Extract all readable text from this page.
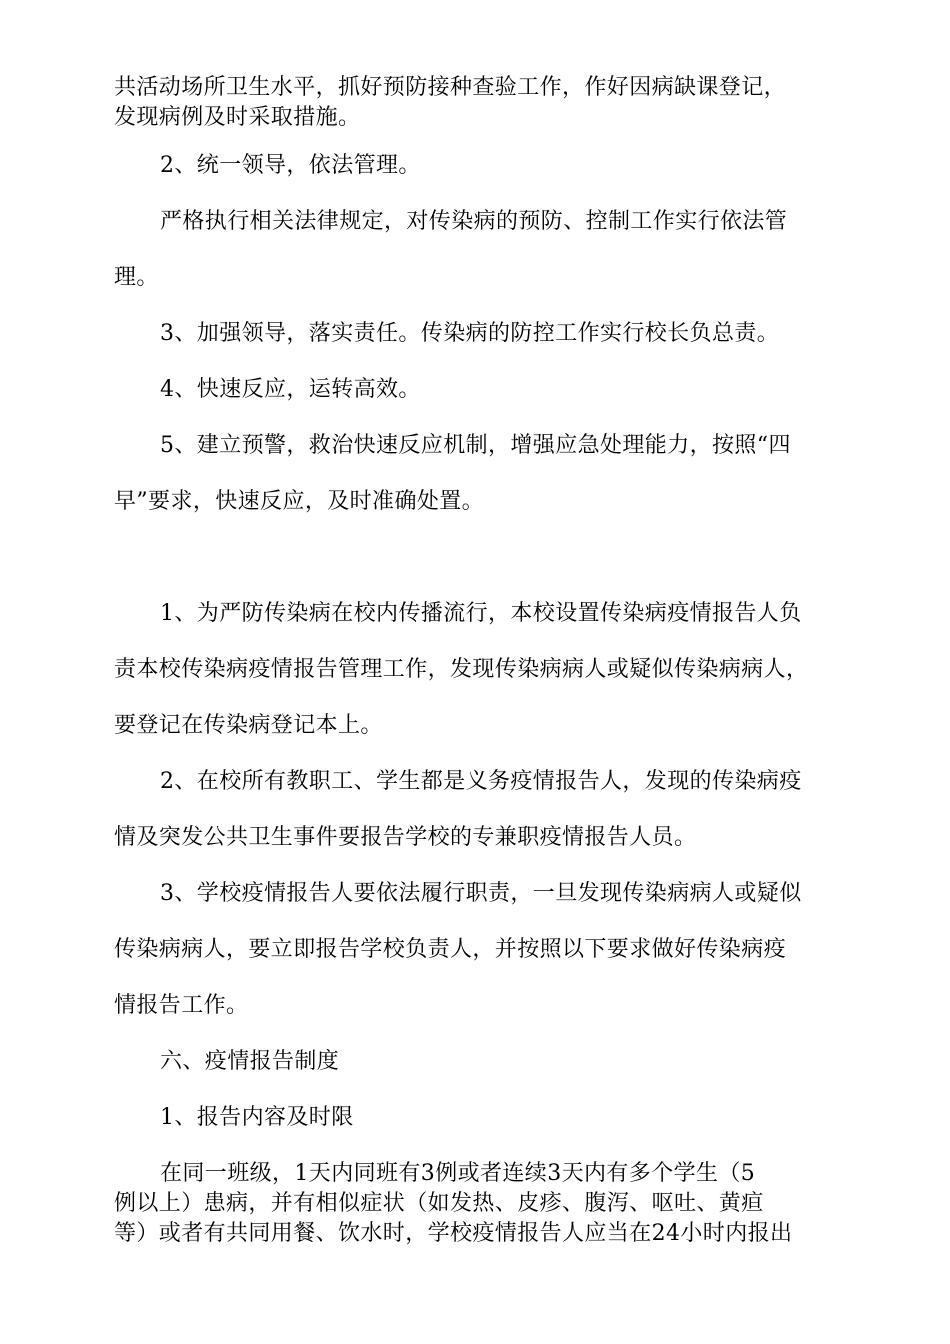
共活动场所卫生水平，抓好预防接种查验工作，作好因病缺课登记，
发现病例及时采取措施。
2、统一领导，依法管理。
严格执行相关法律规定，对传染病的预防、控制工作实行依法管
理。
3、加强领导，落实责任。传染病的防控工作实行校长负总责。
4、快速反应，运转高效。
5、建立预警，救治快速反应机制，增强应急处理能力，按照“四
早”要求，快速反应，及时准确处置。
1、为严防传染病在校内传播流行，本校设置传染病疫情报告人负
责本校传染病疫情报告管理工作，发现传染病病人或疑似传染病病人，
要登记在传染病登记本上。
2、在校所有教职工、学生都是义务疫情报告人，发现的传染病疫
情及突发公共卫生事件要报告学校的专兼职疫情报告人员。
3、学校疫情报告人要依法履行职责，一旦发现传染病病人或疑似
传染病病人，要立即报告学校负责人，并按照以下要求做好传染病疫
情报告工作。
六、疫情报告制度
1、报告内容及时限
在同一班级，1天内同班有3例或者连续3天内有多个学生（5
例以上）患病，并有相似症状（如发热、皮疹、腹泻、呕吐、黄疸
等）或者有共同用餐、饮水时，学校疫情报告人应当在24小时内报出
